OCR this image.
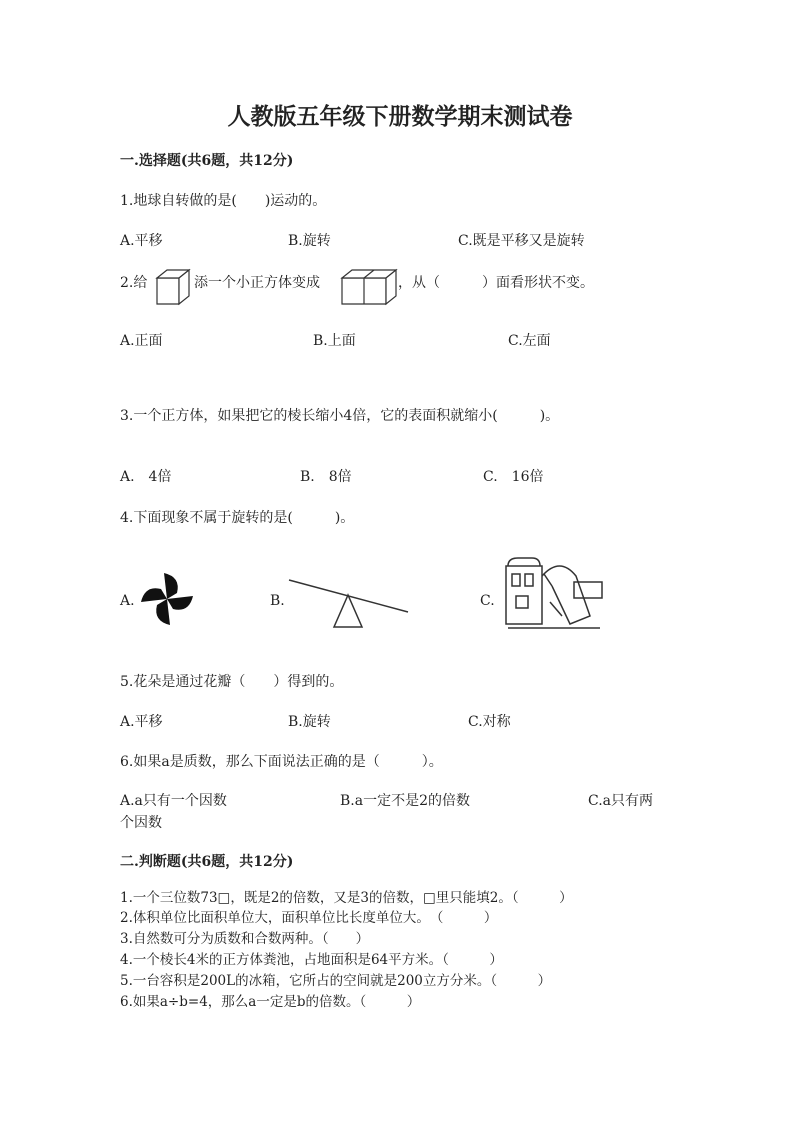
人教版五年级下册数学期末测试卷
一.选择题(共6题，共12分)
1.地球自转做的是(　　)运动的。
A.平移	B.旋转	C.既是平移又是旋转
2.给	添一个小正方体变成	，从（　　　）面看形状不变。
A.正面	B.上面	C.左面
3.一个正方体，如果把它的棱长缩小4倍，它的表面积就缩小(　　　)。
A.　4倍	B.　8倍	C.　16倍
4.下面现象不属于旋转的是(　　　)。
A.	B.	C.
5.花朵是通过花瓣（　　）得到的。
A.平移	B.旋转	C.对称
6.如果a是质数，那么下面说法正确的是（　　　）。
A.a只有一个因数	B.a一定不是2的倍数	C.a只有两
个因数
二.判断题(共6题，共12分)
1.一个三位数73□，既是2的倍数，又是3的倍数，□里只能填2。（　　　）
2.体积单位比面积单位大，面积单位比长度单位大。　（　　　）
3.自然数可分为质数和合数两种。（　　）
4.一个棱长4米的正方体粪池，占地面积是64平方米。（　　　）
5.一台容积是200L的冰箱，它所占的空间就是200立方分米。（　　　）
6.如果a÷b=4，那么a一定是b的倍数。（　　　）
